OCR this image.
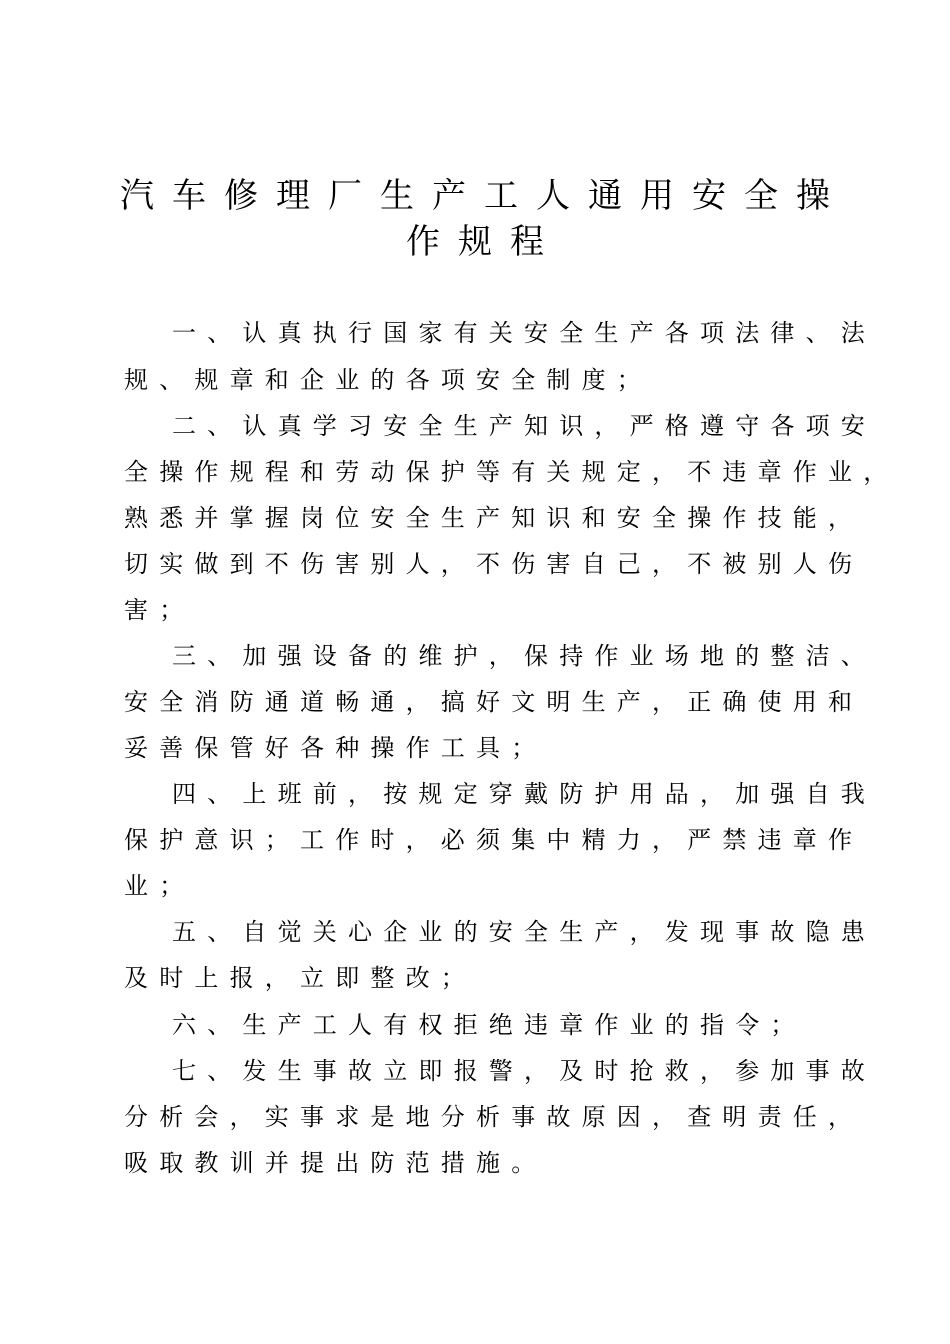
汽车修理厂生产工人通用安全操
作规程
一、认真执行国家有关安全生产各项法律、法
规、规章和企业的各项安全制度；
二、认真学习安全生产知识，严格遵守各项安
全操作规程和劳动保护等有关规定，不违章作业，
熟悉并掌握岗位安全生产知识和安全操作技能，
切实做到不伤害别人，不伤害自己，不被别人伤
害；
三、加强设备的维护，保持作业场地的整洁、
安全消防通道畅通，搞好文明生产，正确使用和
妥善保管好各种操作工具；
四、上班前，按规定穿戴防护用品，加强自我
保护意识；工作时，必须集中精力，严禁违章作
业；
五、自觉关心企业的安全生产，发现事故隐患
及时上报，立即整改；
六、生产工人有权拒绝违章作业的指令；
七、发生事故立即报警，及时抢救，参加事故
分析会，实事求是地分析事故原因，查明责任，
吸取教训并提出防范措施。
